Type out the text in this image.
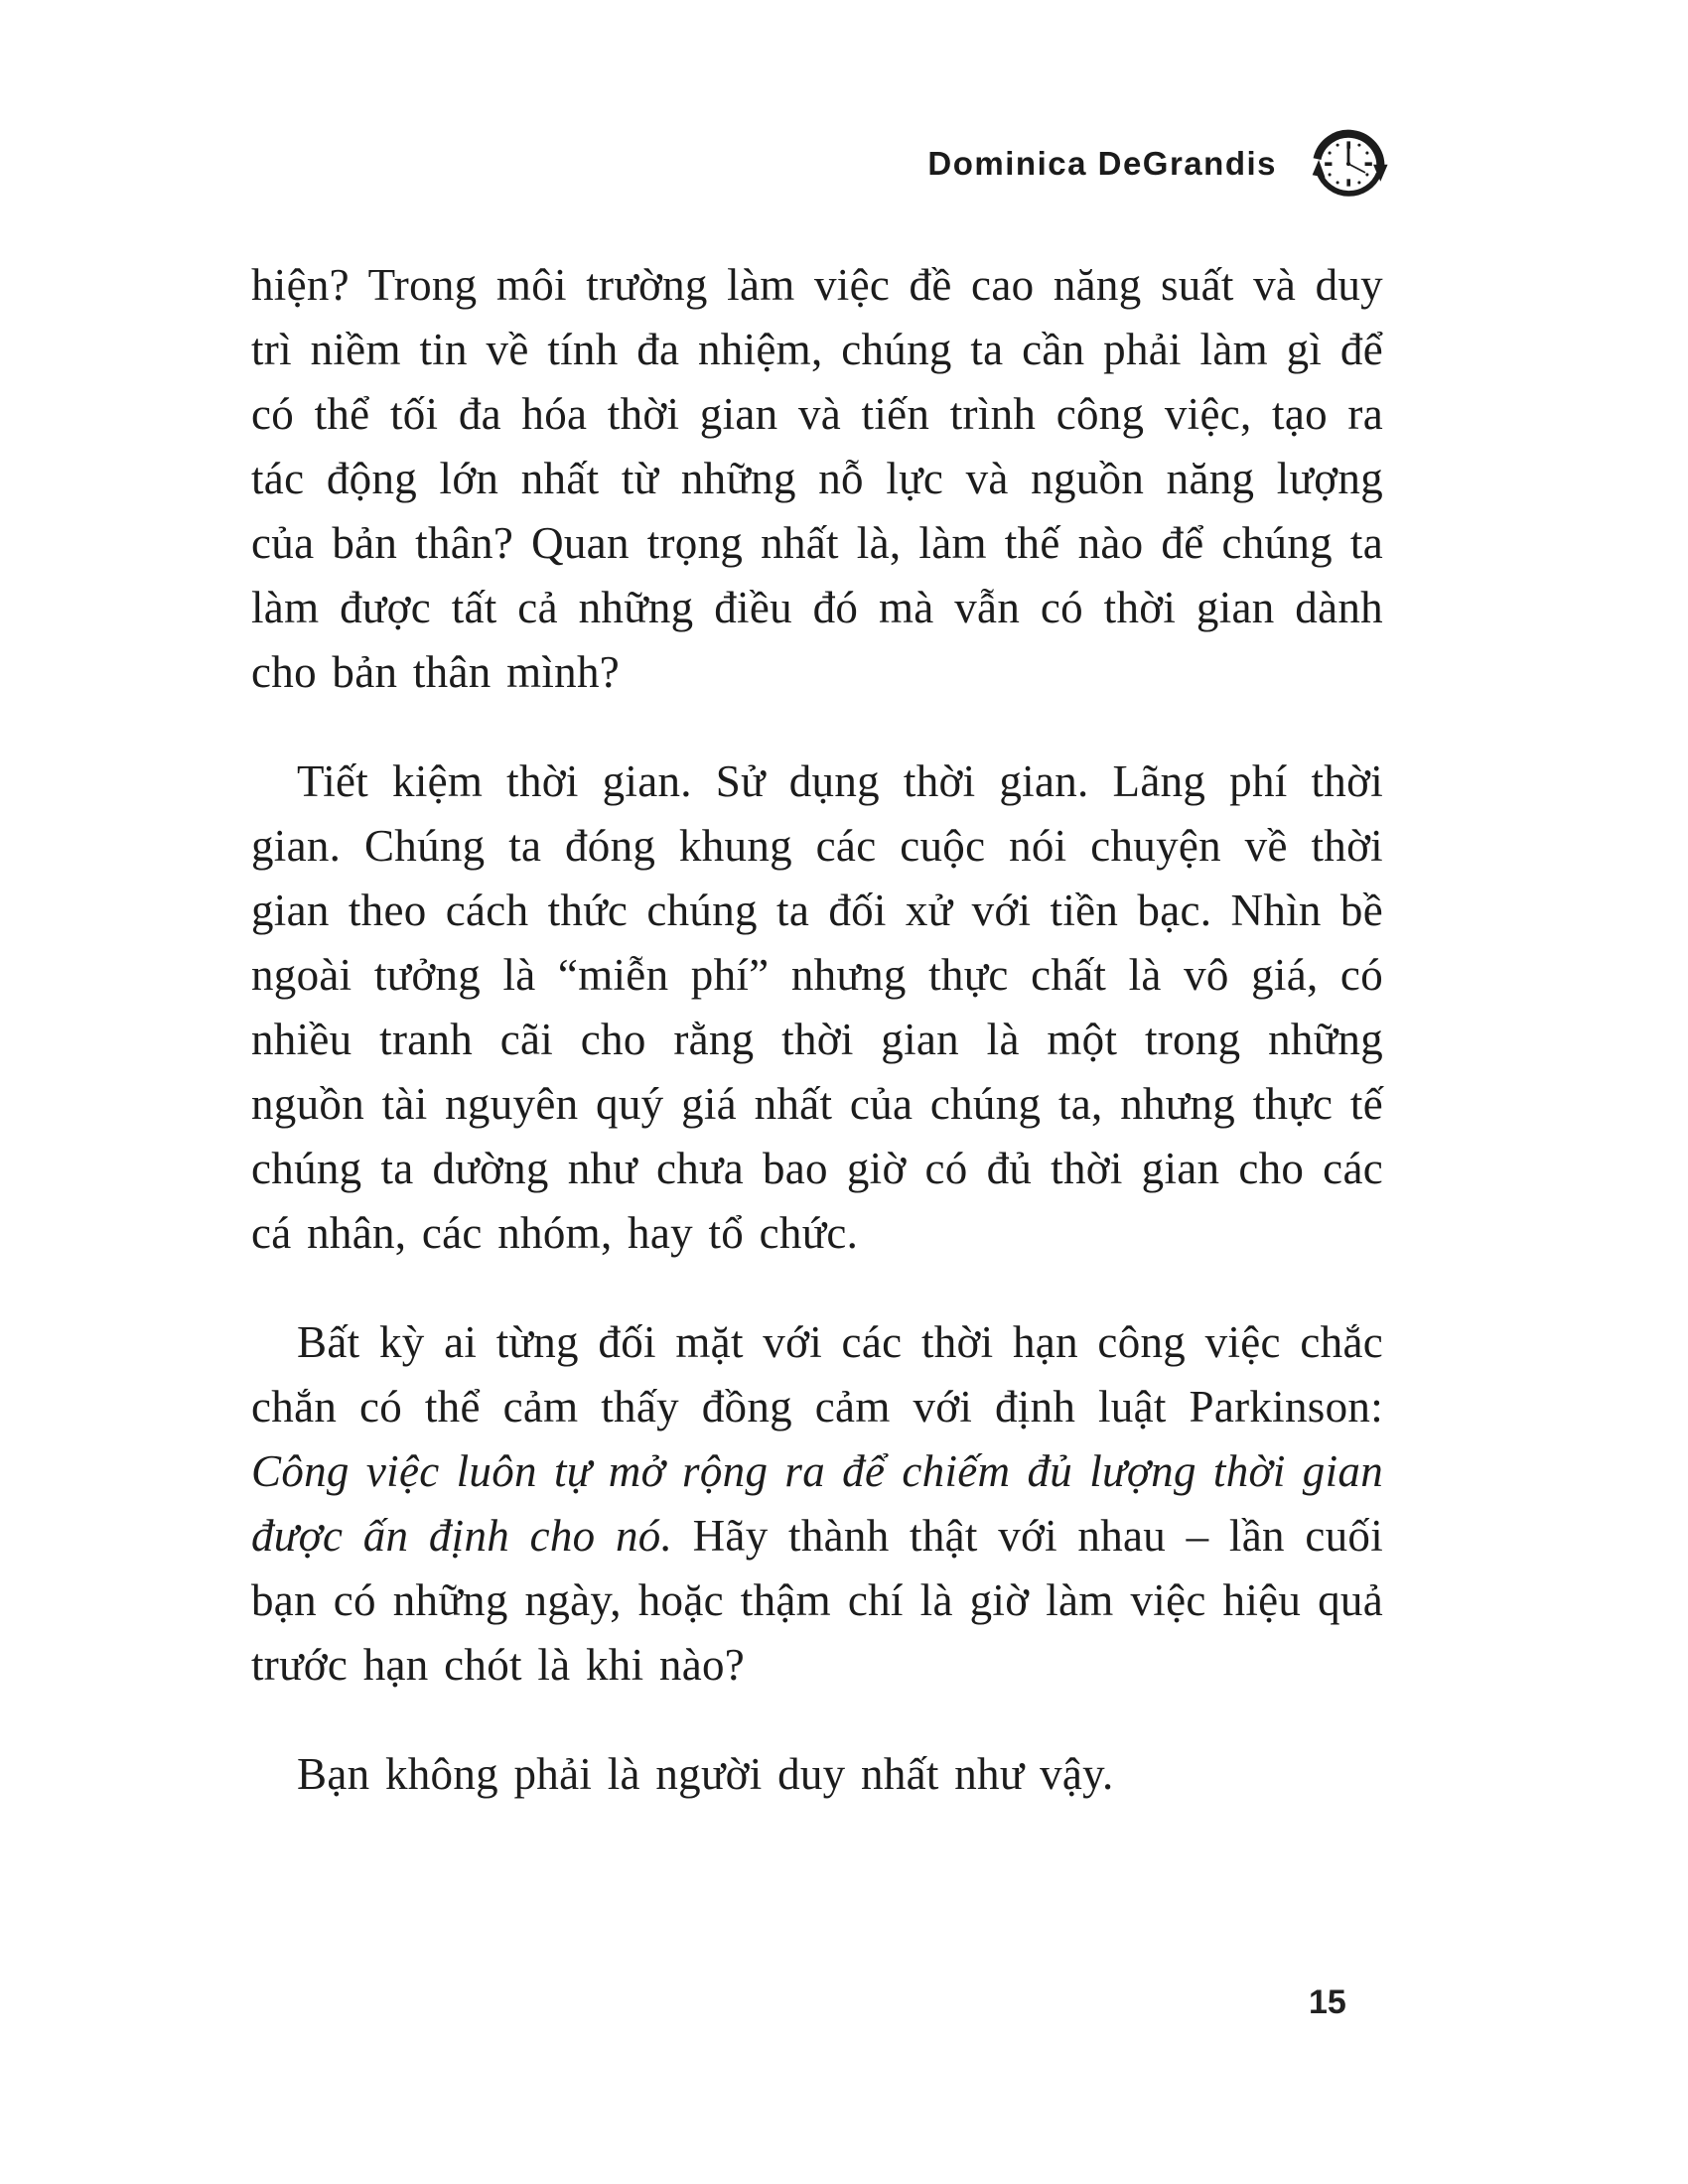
Dominica DeGrandis

hiện? Trong môi trường làm việc đề cao năng suất và duy trì niềm tin về tính đa nhiệm, chúng ta cần phải làm gì để có thể tối đa hóa thời gian và tiến trình công việc, tạo ra tác động lớn nhất từ những nỗ lực và nguồn năng lượng của bản thân? Quan trọng nhất là, làm thế nào để chúng ta làm được tất cả những điều đó mà vẫn có thời gian dành cho bản thân mình?

Tiết kiệm thời gian. Sử dụng thời gian. Lãng phí thời gian. Chúng ta đóng khung các cuộc nói chuyện về thời gian theo cách thức chúng ta đối xử với tiền bạc. Nhìn bề ngoài tưởng là “miễn phí” nhưng thực chất là vô giá, có nhiều tranh cãi cho rằng thời gian là một trong những nguồn tài nguyên quý giá nhất của chúng ta, nhưng thực tế chúng ta dường như chưa bao giờ có đủ thời gian cho các cá nhân, các nhóm, hay tổ chức.

Bất kỳ ai từng đối mặt với các thời hạn công việc chắc chắn có thể cảm thấy đồng cảm với định luật Parkinson: Công việc luôn tự mở rộng ra để chiếm đủ lượng thời gian được ấn định cho nó. Hãy thành thật với nhau – lần cuối bạn có những ngày, hoặc thậm chí là giờ làm việc hiệu quả trước hạn chót là khi nào?

Bạn không phải là người duy nhất như vậy.

15
